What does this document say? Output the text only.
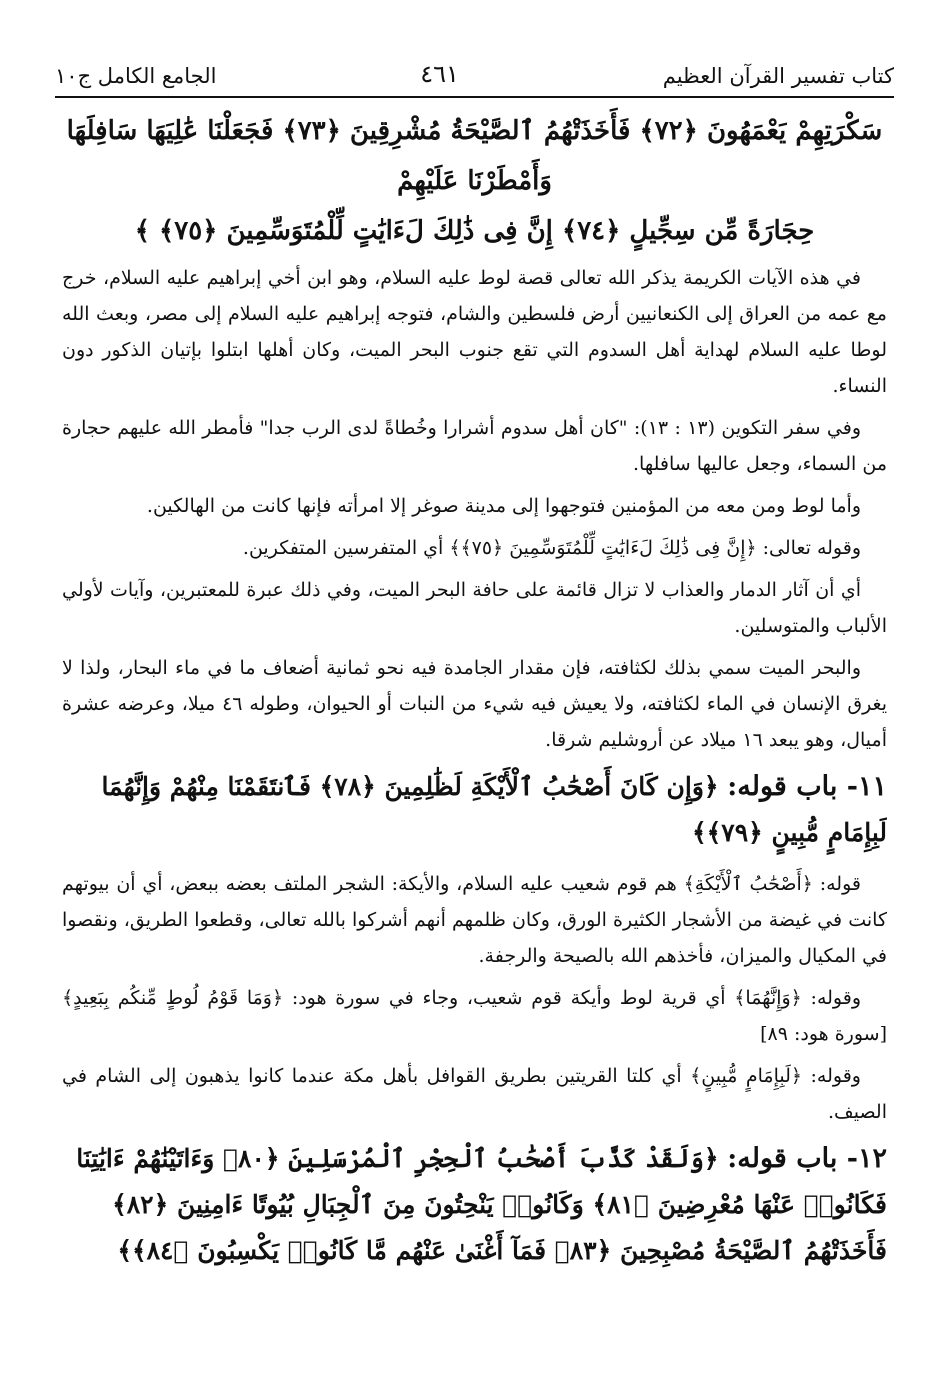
كتاب تفسير القرآن العظيم
٤٦١
الجامع الكامل ج١٠
سَكْرَتِهِمْ يَعْمَهُونَ ﴿٧٢﴾ فَأَخَذَتْهُمُ ٱلصَّيْحَةُ مُشْرِقِينَ ﴿٧٣﴾ فَجَعَلْنَا عَٰلِيَهَا سَافِلَهَا وَأَمْطَرْنَا عَلَيْهِمْ
حِجَارَةً مِّن سِجِّيلٍ ﴿٧٤﴾ إِنَّ فِى ذَٰلِكَ لَءَايَٰتٍ لِّلْمُتَوَسِّمِينَ ﴿٧٥﴾ ﴾

في هذه الآيات الكريمة يذكر الله تعالى قصة لوط عليه السلام، وهو ابن أخي إبراهيم عليه السلام، خرج مع عمه من العراق إلى الكنعانيين أرض فلسطين والشام، فتوجه إبراهيم عليه السلام إلى مصر، وبعث الله لوطا عليه السلام لهداية أهل السدوم التي تقع جنوب البحر الميت، وكان أهلها ابتلوا بإتيان الذكور دون النساء.

وفي سفر التكوين (١٣ : ١٣): "كان أهل سدوم أشرارا وخُطاةً لدى الرب جدا" فأمطر الله عليهم حجارة من السماء، وجعل عاليها سافلها.

وأما لوط ومن معه من المؤمنين فتوجهوا إلى مدينة صوغر إلا امرأته فإنها كانت من الهالكين.

وقوله تعالى: ﴿إِنَّ فِى ذَٰلِكَ لَءَايَٰتٍ لِّلْمُتَوَسِّمِينَ ﴿٧٥﴾﴾ أي المتفرسين المتفكرين.

أي أن آثار الدمار والعذاب لا تزال قائمة على حافة البحر الميت، وفي ذلك عبرة للمعتبرين، وآيات لأولي الألباب والمتوسلين.

والبحر الميت سمي بذلك لكثافته، فإن مقدار الجامدة فيه نحو ثمانية أضعاف ما في ماء البحار، ولذا لا يغرق الإنسان في الماء لكثافته، ولا يعيش فيه شيء من النبات أو الحيوان، وطوله ٤٦ ميلا، وعرضه عشرة أميال، وهو يبعد ١٦ ميلاد عن أروشليم شرقا.

١١- باب قوله: ﴿وَإِن كَانَ أَصْحَٰبُ ٱلْأَيْكَةِ لَظَٰلِمِينَ ﴿٧٨﴾ فَٱنتَقَمْنَا مِنْهُمْ وَإِنَّهُمَا لَبِإِمَامٍ مُّبِينٍ ﴿٧٩﴾﴾

قوله: ﴿أَصْحَٰبُ ٱلْأَيْكَةِ﴾ هم قوم شعيب عليه السلام، والأيكة: الشجر الملتف بعضه ببعض، أي أن بيوتهم كانت في غيضة من الأشجار الكثيرة الورق، وكان ظلمهم أنهم أشركوا بالله تعالى، وقطعوا الطريق، ونقصوا في المكيال والميزان، فأخذهم الله بالصيحة والرجفة.

وقوله: ﴿وَإِنَّهُمَا﴾ أي قرية لوط وأيكة قوم شعيب، وجاء في سورة هود: ﴿وَمَا قَوْمُ لُوطٍ مِّنكُم بِبَعِيدٍ﴾ [سورة هود: ٨٩]

وقوله: ﴿لَبِإِمَامٍ مُّبِينٍ﴾ أي كلتا القريتين بطريق القوافل بأهل مكة عندما كانوا يذهبون إلى الشام في الصيف.

١٢- باب قوله: ﴿وَلَقَدْ كَذَّبَ أَصْحَٰبُ ٱلْحِجْرِ ٱلْمُرْسَلِينَ ﴿٨٠﴾ وَءَاتَيْنَٰهُمْ ءَايَٰتِنَا فَكَانُوا۟ عَنْهَا مُعْرِضِينَ ﴿٨١﴾ وَكَانُوا۟ يَنْحِتُونَ مِنَ ٱلْجِبَالِ بُيُوتًا ءَامِنِينَ ﴿٨٢﴾ فَأَخَذَتْهُمُ ٱلصَّيْحَةُ مُصْبِحِينَ ﴿٨٣﴾ فَمَآ أَغْنَىٰ عَنْهُم مَّا كَانُوا۟ يَكْسِبُونَ ﴿٨٤﴾﴾
